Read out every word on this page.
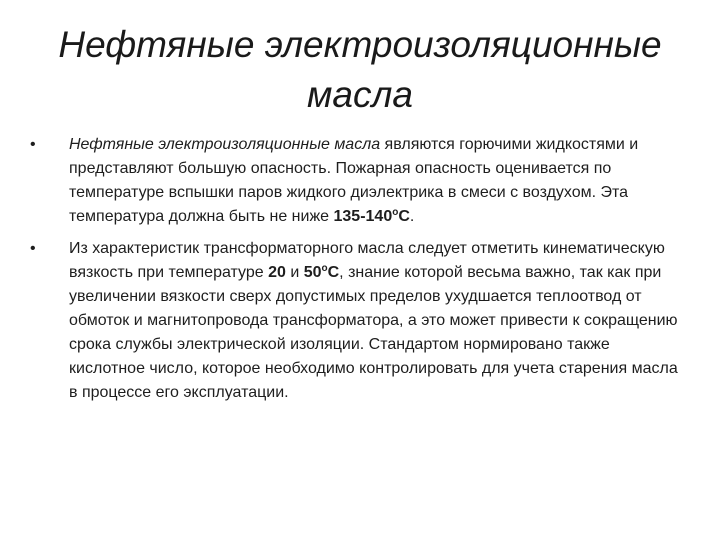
Нефтяные электроизоляционные масла
•	Нефтяные электроизоляционные масла являются горючими жидкостями и представляют большую опасность. Пожарная опасность оценивается по температуре вспышки паров жидкого диэлектрика в смеси с воздухом. Эта температура должна быть не ниже $135-140^оС$.
•	Из характеристик трансформаторного масла следует отметить кинематическую вязкость при температуре 20 и $50^оС$, знание которой весьма важно, так как при увеличении вязкости сверх допустимых пределов ухудшается теплоотвод от обмоток и магнитопровода трансформатора, а это может привести к сокращению срока службы электрической изоляции. Стандартом нормировано также кислотное число, которое необходимо контролировать для учета старения масла в процессе его эксплуатации.
